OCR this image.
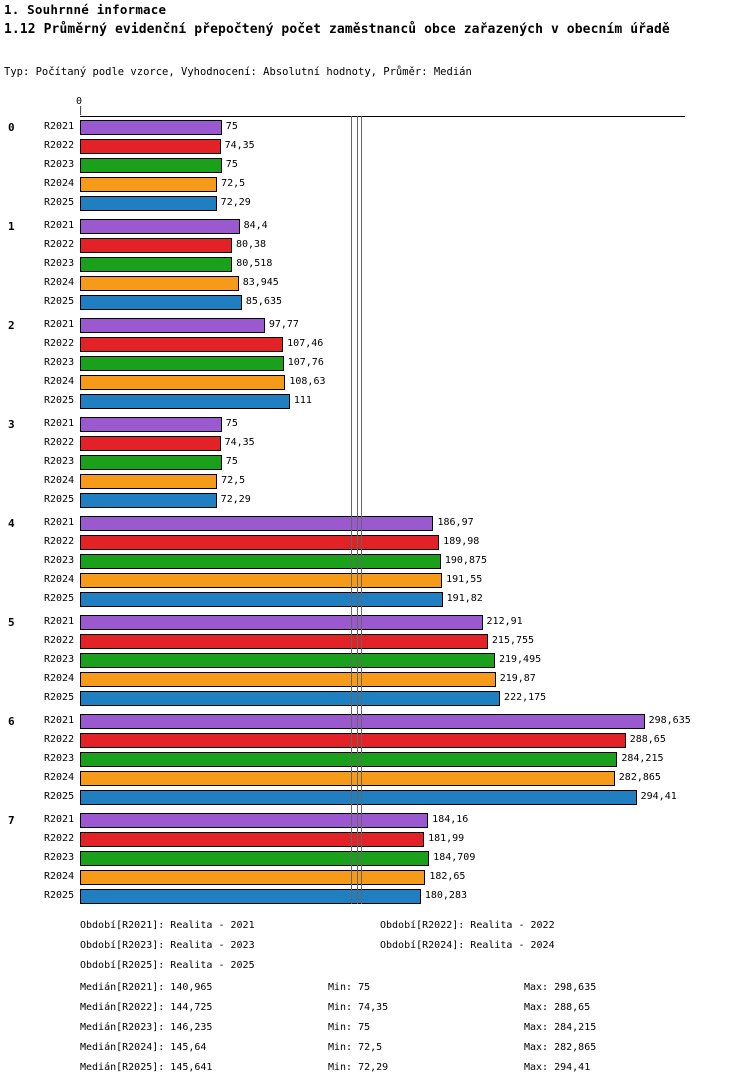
1. Souhrnné informace
1.12 Průměrný evidenční přepočtený počet zaměstnanců obce zařazených v obecním úřadě
Typ: Počítaný podle vzorce, Vyhodnocení: Absolutní hodnoty, Průměr: Medián
0
|
0	R2021	75
R2022	74,35
R2023	75
R2024	72,5
R2025	72,29
1	R2021	84,4
R2022	80,38
R2023	80,518
R2024	83,945
R2025	85,635
2	R2021	97,77
R2022	107,46
R2023	107,76
R2024	108,63
R2025	111
3	R2021	75
R2022	74,35
R2023	75
R2024	72,5
R2025	72,29
4	R2021	186,97
R2022	189,98
R2023	190,875
R2024	191,55
R2025	191,82
5	R2021	212,91
R2022	215,755
R2023	219,495
R2024	219,87
R2025	222,175
6	R2021	298,635
R2022	288,65
R2023	284,215
R2024	282,865
R2025	294,41
7	R2021	184,16
R2022	181,99
R2023	184,709
R2024	182,65
R2025	180,283
Období[R2021]: Realita - 2021	Období[R2022]: Realita - 2022
Období[R2023]: Realita - 2023	Období[R2024]: Realita - 2024
Období[R2025]: Realita - 2025
Medián[R2021]: 140,965	Min: 75	Max: 298,635
Medián[R2022]: 144,725	Min: 74,35	Max: 288,65
Medián[R2023]: 146,235	Min: 75	Max: 284,215
Medián[R2024]: 145,64	Min: 72,5	Max: 282,865
Medián[R2025]: 145,641	Min: 72,29	Max: 294,41
